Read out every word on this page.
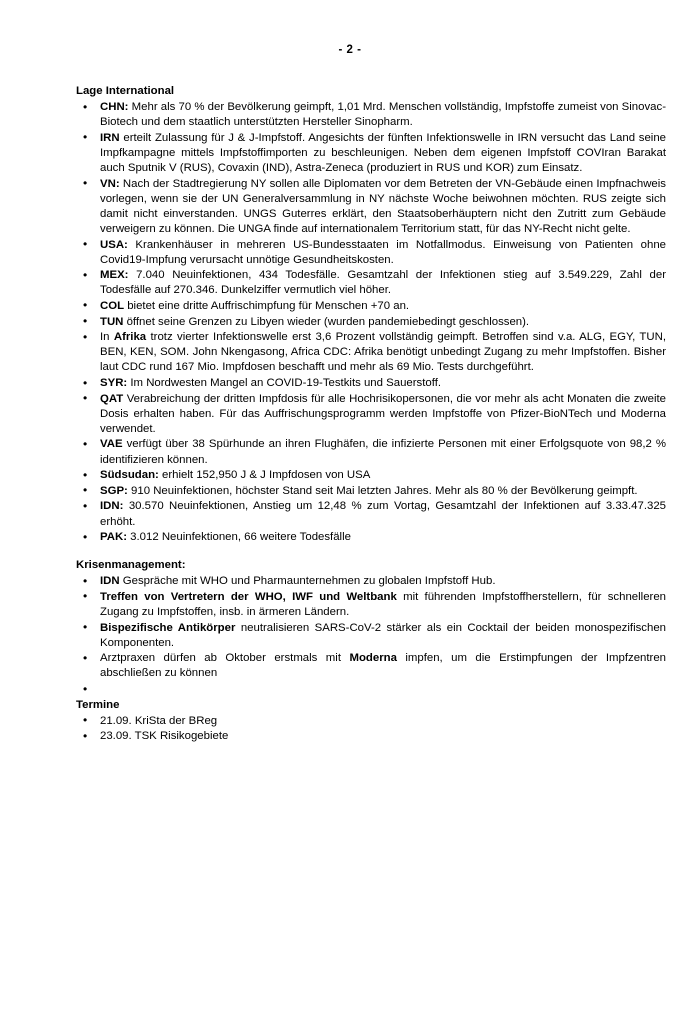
- 2 -
Lage International
• CHN: Mehr als 70 % der Bevölkerung geimpft, 1,01 Mrd. Menschen vollständig, Impfstoffe zumeist von Sinovac-Biotech und dem staatlich unterstützten Hersteller Sinopharm.
• IRN erteilt Zulassung für J & J-Impfstoff. Angesichts der fünften Infektionswelle in IRN versucht das Land seine Impfkampagne mittels Impfstoffimporten zu beschleunigen. Neben dem eigenen Impfstoff COVIran Barakat auch Sputnik V (RUS), Covaxin (IND), Astra-Zeneca (produziert in RUS und KOR) zum Einsatz.
• VN: Nach der Stadtregierung NY sollen alle Diplomaten vor dem Betreten der VN-Gebäude einen Impfnachweis vorlegen, wenn sie der UN Generalversammlung in NY nächste Woche beiwohnen möchten. RUS zeigte sich damit nicht einverstanden. UNGS Guterres erklärt, den Staatsoberhäuptern nicht den Zutritt zum Gebäude verweigern zu können. Die UNGA finde auf internationalem Territorium statt, für das NY-Recht nicht gelte.
• USA: Krankenhäuser in mehreren US-Bundesstaaten im Notfallmodus. Einweisung von Patienten ohne Covid19-Impfung verursacht unnötige Gesundheitskosten.
• MEX: 7.040 Neuinfektionen, 434 Todesfälle. Gesamtzahl der Infektionen stieg auf 3.549.229, Zahl der Todesfälle auf 270.346. Dunkelziffer vermutlich viel höher.
• COL bietet eine dritte Auffrischimpfung für Menschen +70 an.
• TUN öffnet seine Grenzen zu Libyen wieder (wurden pandemiebedingt geschlossen).
• In Afrika trotz vierter Infektionswelle erst 3,6 Prozent vollständig geimpft. Betroffen sind v.a. ALG, EGY, TUN, BEN, KEN, SOM. John Nkengasong, Africa CDC: Afrika benötigt unbedingt Zugang zu mehr Impfstoffen. Bisher laut CDC rund 167 Mio. Impfdosen beschafft und mehr als 69 Mio. Tests durchgeführt.
• SYR: Im Nordwesten Mangel an COVID-19-Testkits und Sauerstoff.
• QAT Verabreichung der dritten Impfdosis für alle Hochrisikopersonen, die vor mehr als acht Monaten die zweite Dosis erhalten haben. Für das Auffrischungsprogramm werden Impfstoffe von Pfizer-BioNTech und Moderna verwendet.
• VAE verfügt über 38 Spürhunde an ihren Flughäfen, die infizierte Personen mit einer Erfolgsquote von 98,2 % identifizieren können.
• Südsudan: erhielt 152,950 J & J Impfdosen von USA
• SGP: 910 Neuinfektionen, höchster Stand seit Mai letzten Jahres. Mehr als 80 % der Bevölkerung geimpft.
• IDN: 30.570 Neuinfektionen, Anstieg um 12,48 % zum Vortag, Gesamtzahl der Infektionen auf 3.33.47.325 erhöht.
• PAK: 3.012 Neuinfektionen, 66 weitere Todesfälle
Krisenmanagement:
• IDN Gespräche mit WHO und Pharmaunternehmen zu globalen Impfstoff Hub.
• Treffen von Vertretern der WHO, IWF und Weltbank mit führenden Impfstoffherstellern, für schnelleren Zugang zu Impfstoffen, insb. in ärmeren Ländern.
• Bispezifische Antikörper neutralisieren SARS-CoV-2 stärker als ein Cocktail der beiden monospezifischen Komponenten.
• Arztpraxen dürfen ab Oktober erstmals mit Moderna impfen, um die Erstimpfungen der Impfzentren abschließen zu können
•
Termine
• 21.09. KriSta der BReg
• 23.09. TSK Risikogebiete
